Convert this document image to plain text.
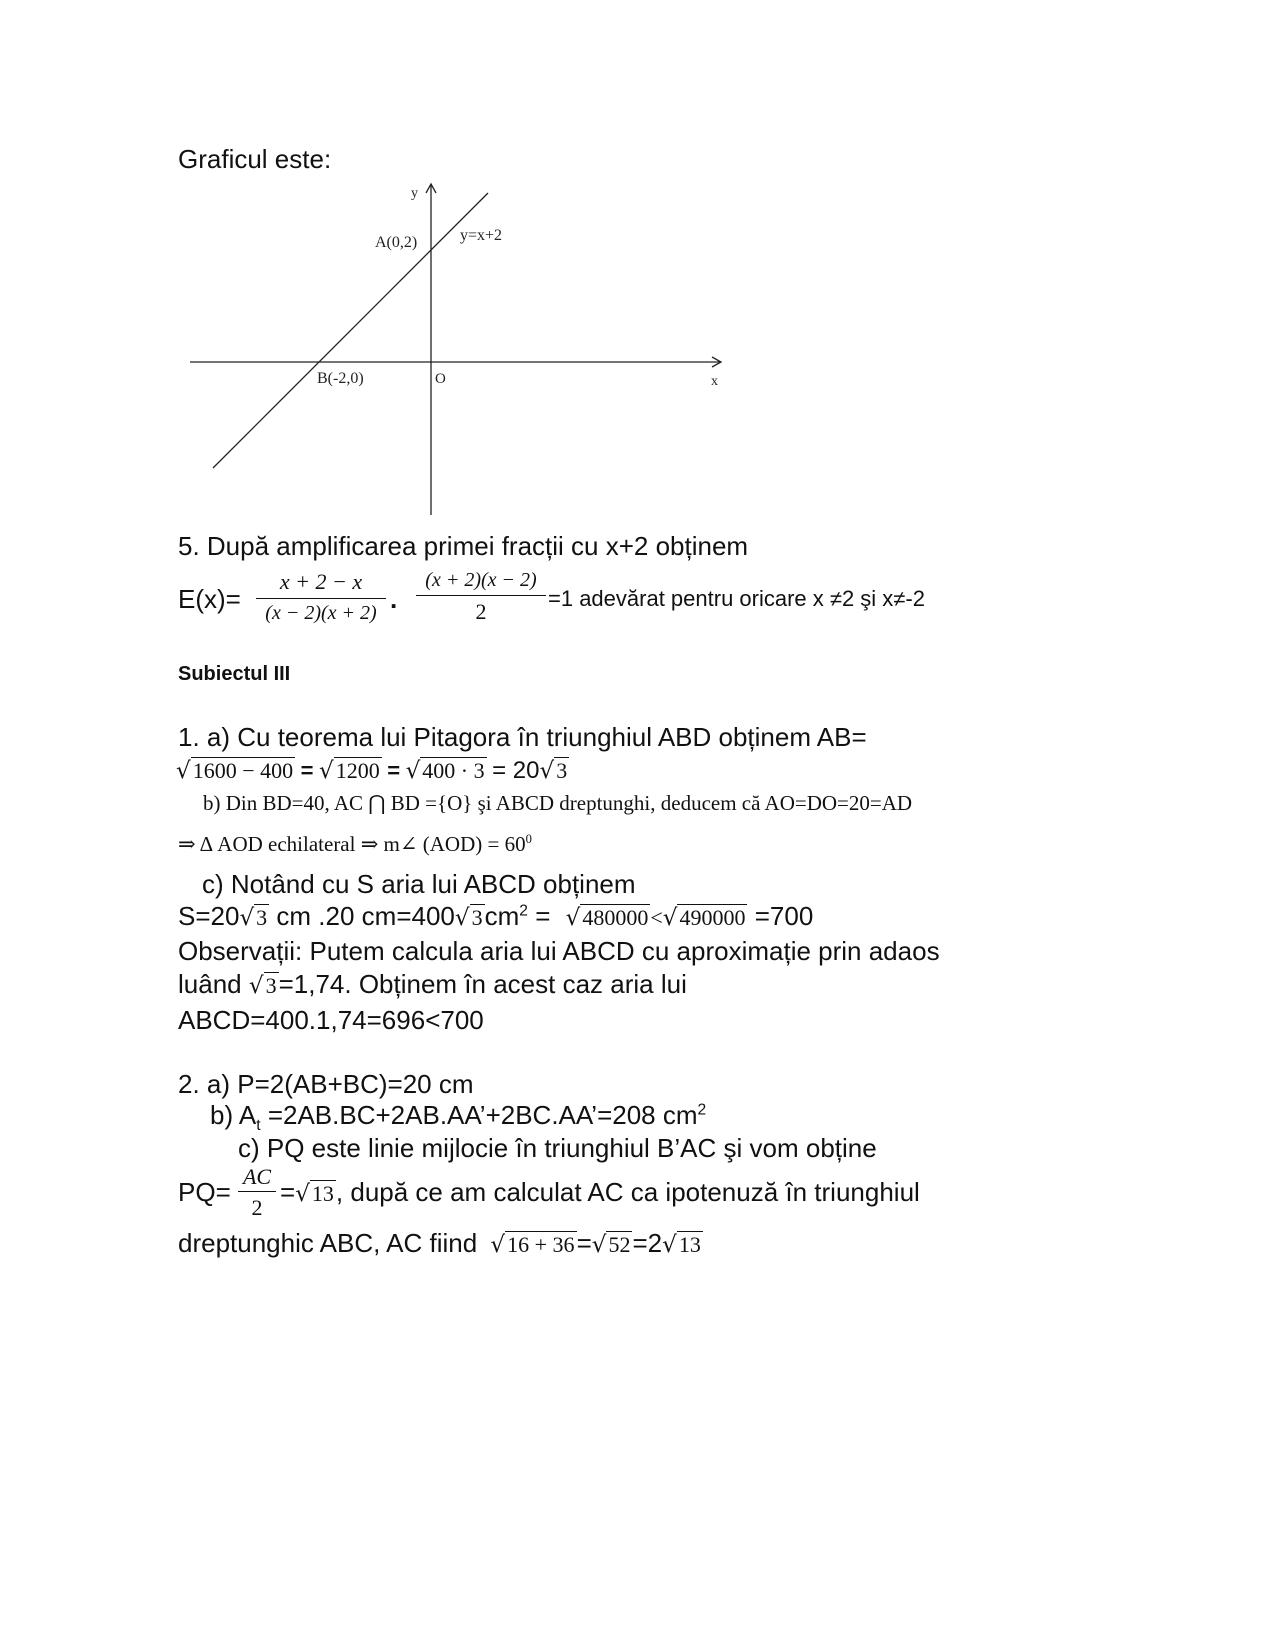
Graficul este:
y
A(0,2)	y=x+2
B(-2,0)	O	x
5. După amplificarea primei fracții cu x+2 obținem
$E(x)= \frac{x + 2 - x}{(x - 2)(x + 2)}$ . $\frac{(x + 2)(x - 2)}{2} =1$ adevărat pentru oricare x ≠2 şi x≠-2
Subiectul III
1. a) Cu teorema lui Pitagora în triunghiul ABD obținem AB=
√1600 − 400 = √1200 = √400 · 3 = 20√3
b) Din BD=40, AC ⋂ BD ={O} şi ABCD dreptunghi, deducem că AO=DO=20=AD
⇒ Δ AOD echilateral ⇒ m∠ $(AOD) = 60^0$
c) Notând cu S aria lui ABCD obținem
S=20√3 cm .20 $cm=400√3cm^2 = √480000<√490000 =700$
Observații: Putem calcula aria lui ABCD cu aproximație prin adaos
luând √3=1,74. Obținem în acest caz aria lui
ABCD=400.1,74=696<700
2. a) P=2(AB+BC)=20 cm
b) $A_t$ =2AB.BC+2AB.AA’+2BC.AA’=208 $cm^2$
c) PQ este linie mijlocie în triunghiul B’AC şi vom obține
$PQ= \frac{AC}{2} =√13$, după ce am calculat AC ca ipotenuză în triunghiul
dreptunghic ABC, AC fiind √16 + 36=√52=2√13
